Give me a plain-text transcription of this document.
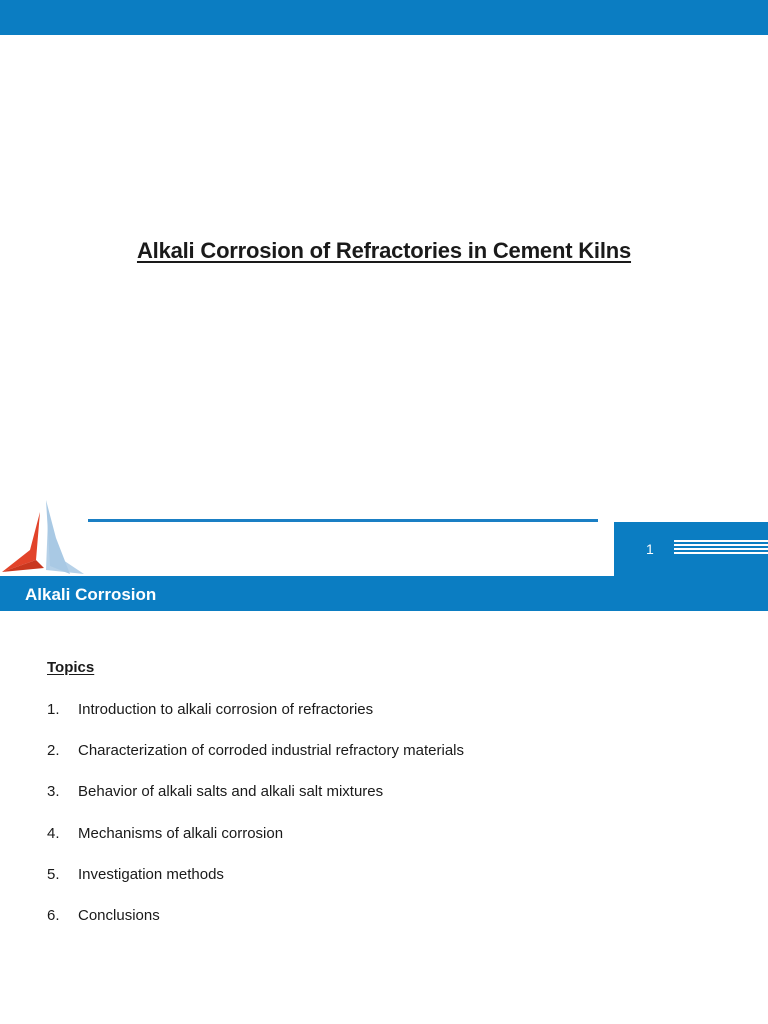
Alkali Corrosion of Refractories in Cement Kilns
1
Alkali Corrosion
Topics
1. Introduction to alkali corrosion of refractories
2. Characterization of corroded industrial refractory materials
3. Behavior of alkali salts and alkali salt mixtures
4. Mechanisms of alkali corrosion
5. Investigation methods
6. Conclusions
